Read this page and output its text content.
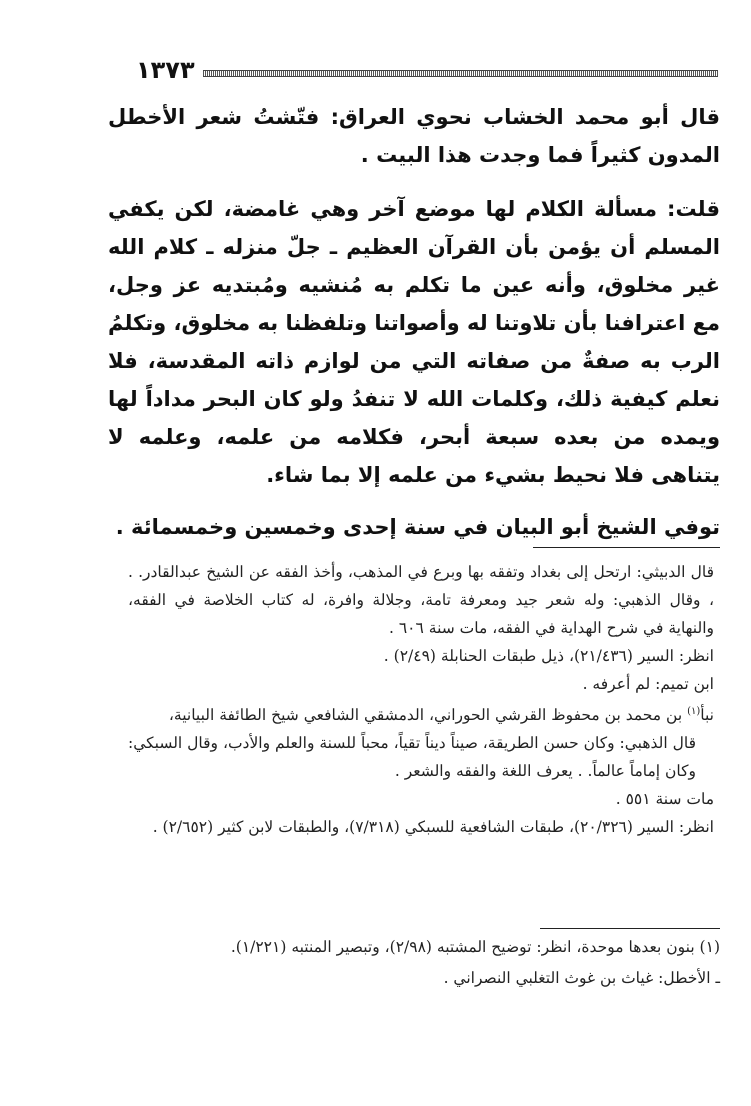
١٣٧٣

قال أبو محمد الخشاب نحوي العراق: فتّشتُ شعر الأخطل المدون كثيراً فما وجدت هذا البيت .

قلت: مسألة الكلام لها موضع آخر وهي غامضة، لكن يكفي المسلم أن يؤمن بأن القرآن العظيم ـ جلّ منزله ـ كلام الله غير مخلوق، وأنه عين ما تكلم به مُنشيه ومُبتديه عز وجل، مع اعترافنا بأن تلاوتنا له وأصواتنا وتلفظنا به مخلوق، وتكلمُ الرب به صفةٌ من صفاته التي من لوازم ذاته المقدسة، فلا نعلم كيفية ذلك، وكلمات الله لا تنفدُ ولو كان البحر مداداً لها ويمده من بعده سبعة أبحر، فكلامه من علمه، وعلمه لا يتناهى فلا نحيط بشيء من علمه إلا بما شاء.

توفي الشيخ أبو البيان في سنة إحدى وخمسين وخمسمائة .

قال الدبيثي: ارتحل إلى بغداد وتفقه بها وبرع في المذهب، وأخذ الفقه عن الشيخ عبدالقادر. . ، وقال الذهبي: وله شعر جيد ومعرفة تامة، وجلالة وافرة، له كتاب الخلاصة في الفقه، والنهاية في شرح الهداية في الفقه، مات سنة ٦٠٦ .

انظر: السير (٢١/٤٣٦)، ذيل طبقات الحنابلة (٢/٤٩) .

ابن تميم: لم أعرفه .

نبأ$^{(١)}$ بن محمد بن محفوظ القرشي الحوراني، الدمشقي الشافعي شيخ الطائفة البيانية،

قال الذهبي: وكان حسن الطريقة، صيناً ديناً تقياً، محباً للسنة والعلم والأدب، وقال السبكي: وكان إماماً عالماً. . يعرف اللغة والفقه والشعر .

مات سنة ٥٥١ .

انظر: السير (٢٠/٣٢٦)، طبقات الشافعية للسبكي (٧/٣١٨)، والطبقات لابن كثير (٢/٦٥٢) .

(١) بنون بعدها موحدة، انظر: توضيح المشتبه (٢/٩٨)، وتبصير المنتبه (١/٢٢١).

ـ الأخطل: غياث بن غوث التغلبي النصراني .
